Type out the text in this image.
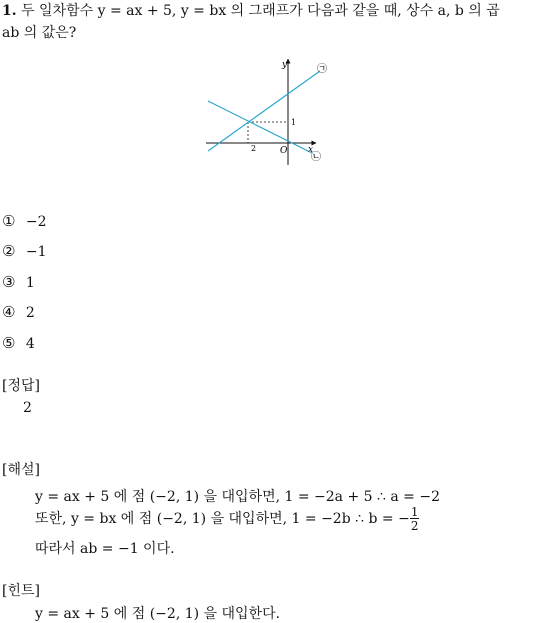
1. 두 일차함수 y = ax + 5, y = bx 의 그래프가 다음과 같을 때, 상수 a, b 의 곱
ab 의 값은?
y
x
O
2
1
㉠
㉡
① −2
② −1
③ 1
④ 2
⑤ 4
[정답]
2
[해설]
y = ax + 5 에 점 (−2, 1) 을 대입하면, 1 = −2a + 5 ∴ a = −2
또한, y = bx 에 점 (−2, 1) 을 대입하면, 1 = −2b ∴ b = − $\frac{1}{2}$
따라서 ab = −1 이다.
[힌트]
y = ax + 5 에 점 (−2, 1) 을 대입한다.
